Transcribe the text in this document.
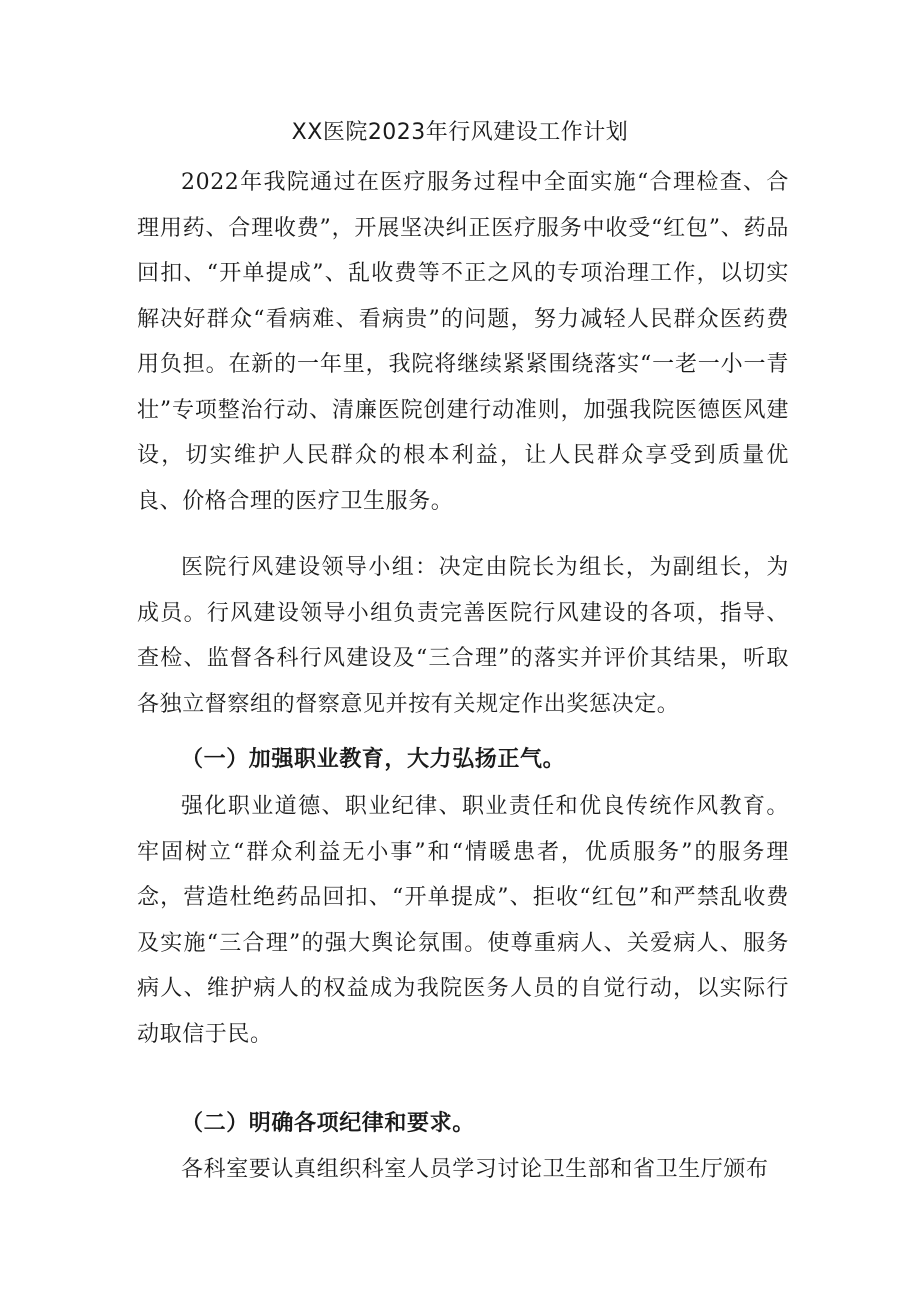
XX医院2023年行风建设工作计划

2022年我院通过在医疗服务过程中全面实施“合理检查、合理用药、合理收费”，开展坚决纠正医疗服务中收受“红包”、药品回扣、“开单提成”、乱收费等不正之风的专项治理工作，以切实解决好群众“看病难、看病贵”的问题，努力减轻人民群众医药费用负担。在新的一年里，我院将继续紧紧围绕落实“一老一小一青壮”专项整治行动、清廉医院创建行动准则，加强我院医德医风建设，切实维护人民群众的根本利益，让人民群众享受到质量优良、价格合理的医疗卫生服务。

医院行风建设领导小组：决定由院长为组长，为副组长，为成员。行风建设领导小组负责完善医院行风建设的各项，指导、查检、监督各科行风建设及“三合理”的落实并评价其结果，听取各独立督察组的督察意见并按有关规定作出奖惩决定。

（一）加强职业教育，大力弘扬正气。

强化职业道德、职业纪律、职业责任和优良传统作风教育。牢固树立“群众利益无小事”和“情暖患者，优质服务”的服务理念，营造杜绝药品回扣、“开单提成”、拒收“红包”和严禁乱收费及实施“三合理”的强大舆论氛围。使尊重病人、关爱病人、服务病人、维护病人的权益成为我院医务人员的自觉行动，以实际行动取信于民。

（二）明确各项纪律和要求。

各科室要认真组织科室人员学习讨论卫生部和省卫生厅颁布
